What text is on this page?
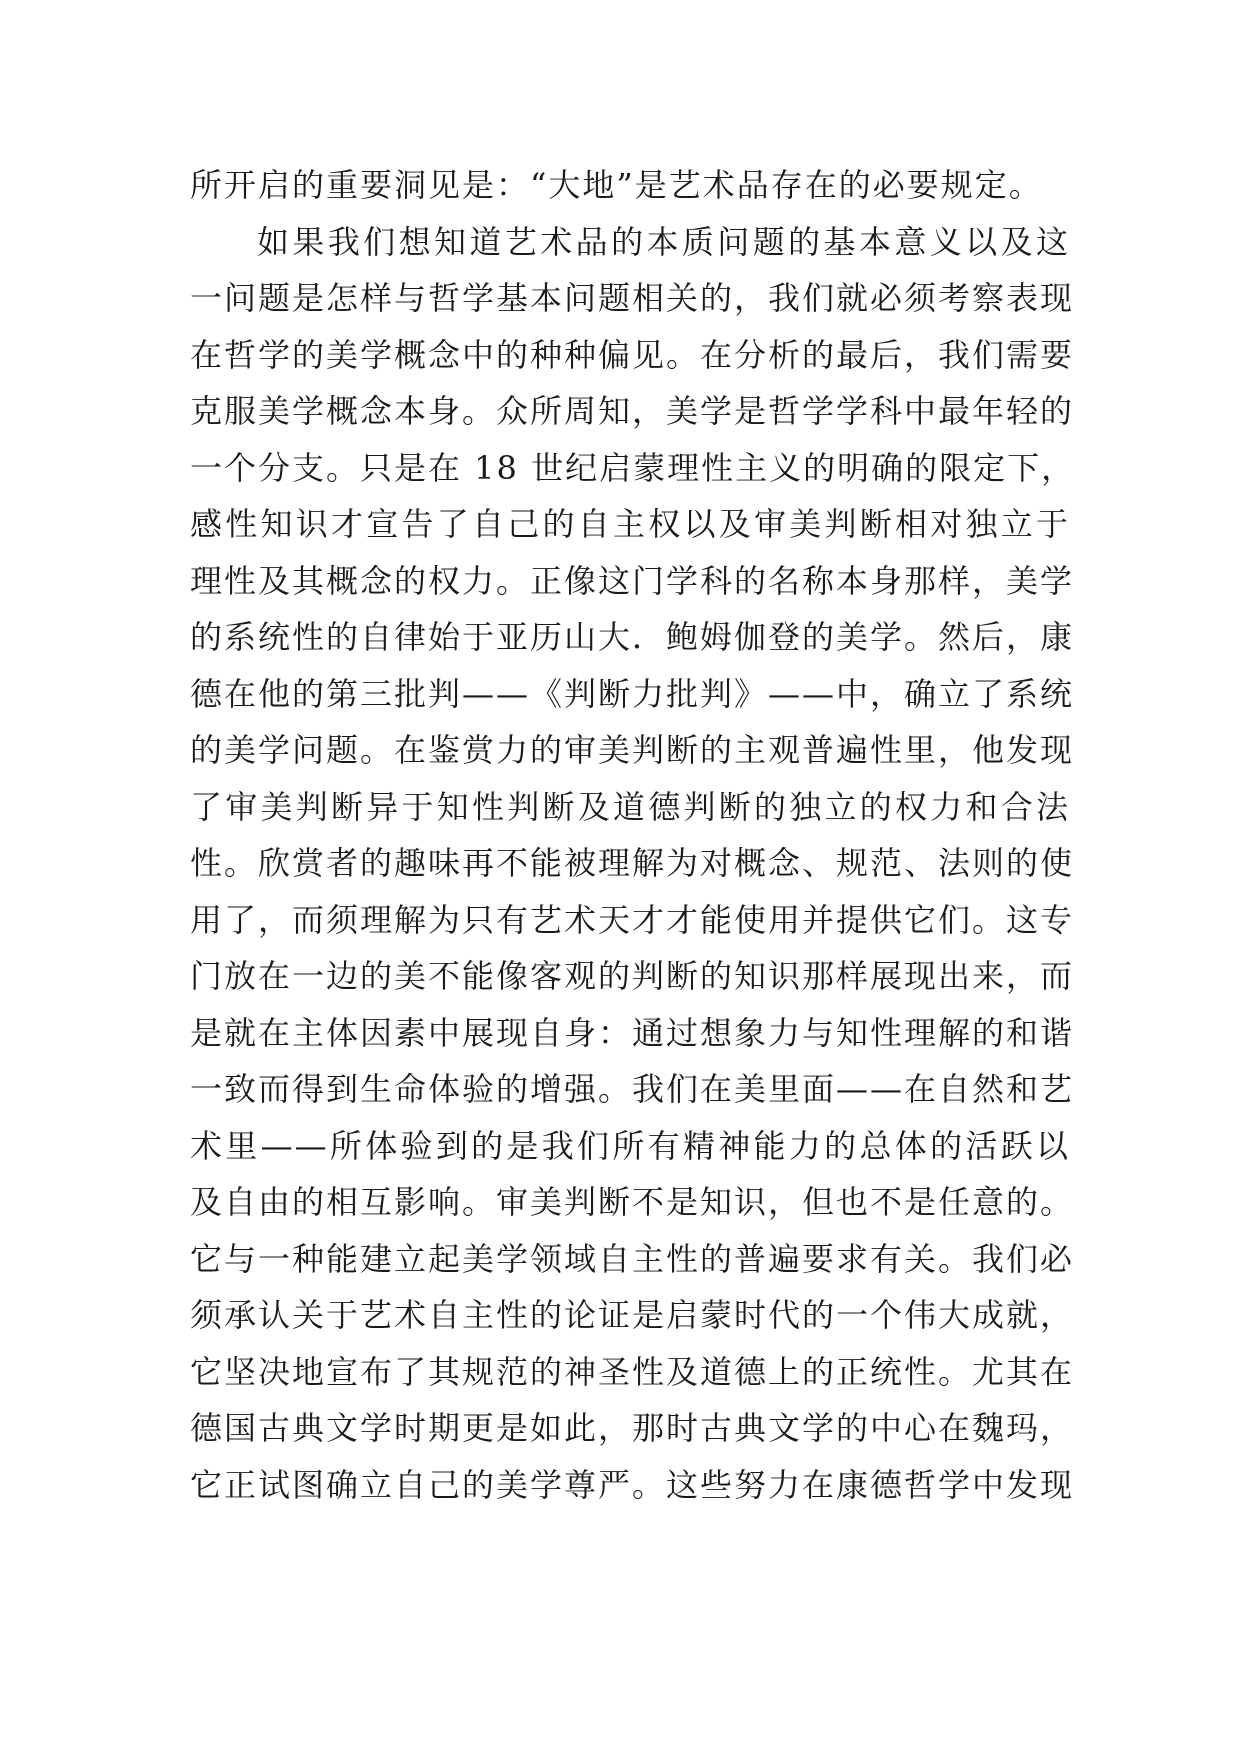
所开启的重要洞见是：“大地”是艺术品存在的必要规定。
如果我们想知道艺术品的本质问题的基本意义以及这
一问题是怎样与哲学基本问题相关的，我们就必须考察表现
在哲学的美学概念中的种种偏见。在分析的最后，我们需要
克服美学概念本身。众所周知，美学是哲学学科中最年轻的
一个分支。只是在 18 世纪启蒙理性主义的明确的限定下，
感性知识才宣告了自己的自主权以及审美判断相对独立于
理性及其概念的权力。正像这门学科的名称本身那样，美学
的系统性的自律始于亚历山大．鲍姆伽登的美学。然后，康
德在他的第三批判——《判断力批判》——中，确立了系统
的美学问题。在鉴赏力的审美判断的主观普遍性里，他发现
了审美判断异于知性判断及道德判断的独立的权力和合法
性。欣赏者的趣味再不能被理解为对概念、规范、法则的使
用了，而须理解为只有艺术天才才能使用并提供它们。这专
门放在一边的美不能像客观的判断的知识那样展现出来，而
是就在主体因素中展现自身：通过想象力与知性理解的和谐
一致而得到生命体验的增强。我们在美里面——在自然和艺
术里——所体验到的是我们所有精神能力的总体的活跃以
及自由的相互影响。审美判断不是知识，但也不是任意的。
它与一种能建立起美学领域自主性的普遍要求有关。我们必
须承认关于艺术自主性的论证是启蒙时代的一个伟大成就，
它坚决地宣布了其规范的神圣性及道德上的正统性。尤其在
德国古典文学时期更是如此，那时古典文学的中心在魏玛，
它正试图确立自己的美学尊严。这些努力在康德哲学中发现
